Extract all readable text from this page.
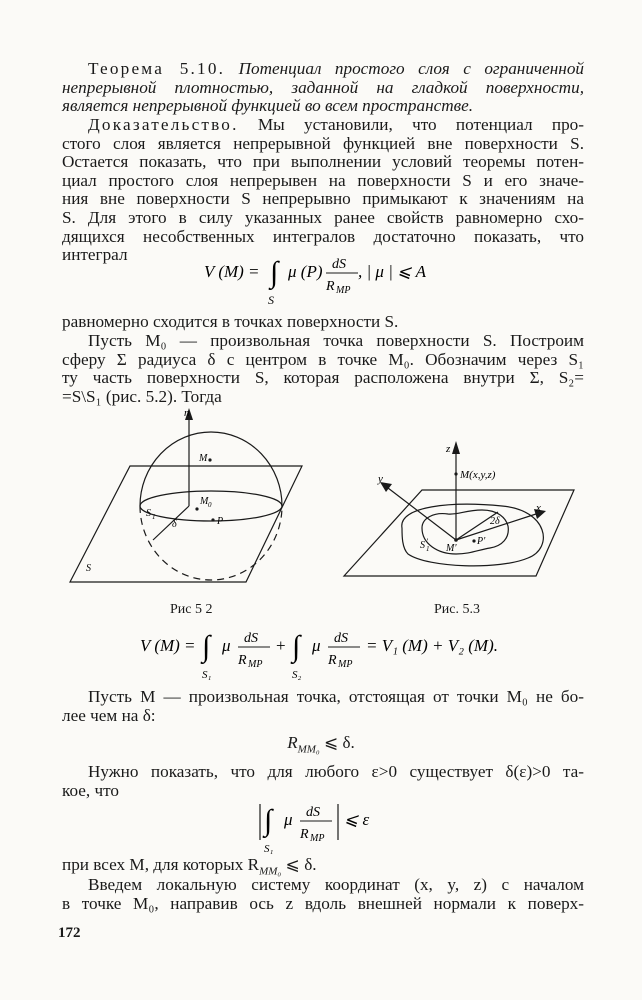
Теорема 5.10. Потенциал простого слоя с ограниченной
непрерывной плотностью, заданной на гладкой поверхности,
является непрерывной функцией во всем пространстве.
Доказательство. Мы установили, что потенциал про-
стого слоя является непрерывной функцией вне поверхности S.
Остается показать, что при выполнении условий теоремы потен-
циал простого слоя непрерывен на поверхности S и его значе-
ния вне поверхности S непрерывно примыкают к значениям на
S. Для этого в силу указанных ранее свойств равномерно схо-
дящихся несобственных интегралов достаточно показать, что
интеграл
V (M) = ∫
S
μ (P) dS
R MP
, | μ | ⩽ A
равномерно сходится в точках поверхности S.
Пусть M₀ — произвольная точка поверхности S. Построим
сферу Σ радиуса δ с центром в точке M₀. Обозначим через S₁
ту часть поверхности S, которая расположена внутри Σ, S₂=
=S\S₁ (рис. 5.2). Тогда
n
M
M 0
S 1
δ	P
S
Рис 5 2
z
M(x,y,z)
y
x
2δ
S '
1 M'
P'
Рис. 5.3
V (M) = ∫
S₁
μ dS
R MP
+ ∫
S₂
μ dS
R MP
= V₁ (M) + V₂ (M).
Пусть M — произвольная точка, отстоящая от точки M₀ не бо-
лее чем на δ:
$R_{MM_0}$ ⩽ δ.
Нужно показать, что для любого ε>0 существует δ(ε)>0 та-
кое, что
∫
S₁
μ dS
R MP
⩽ ε
при всех M, для которых $R_{MM_0}$ ⩽ δ.
Введем локальную систему координат (x, y, z) с началом
в точке M₀, направив ось z вдоль внешней нормали к поверх-
172
